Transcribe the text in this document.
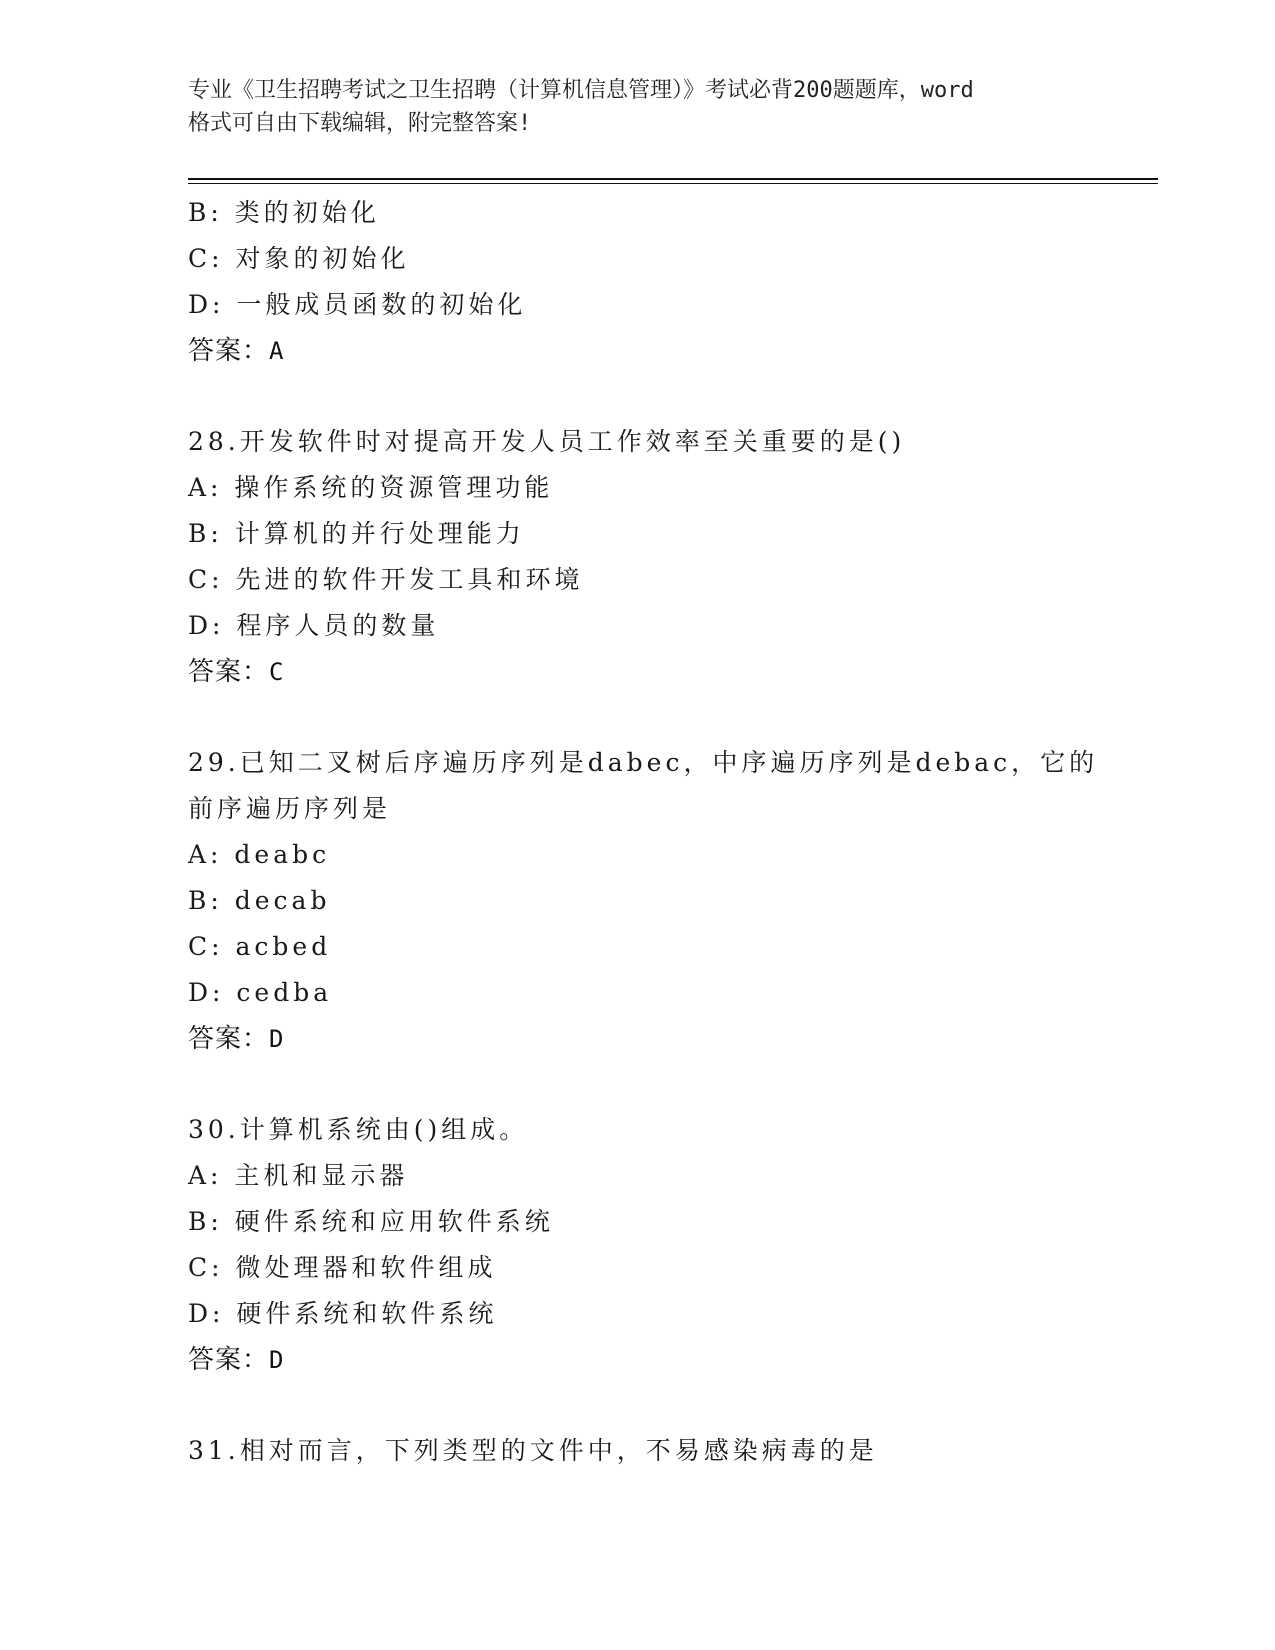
专业《卫生招聘考试之卫生招聘（计算机信息管理）》考试必背200题题库，word
格式可自由下载编辑，附完整答案!
B: 类的初始化
C: 对象的初始化
D: 一般成员函数的初始化
答案：A
28.开发软件时对提高开发人员工作效率至关重要的是()
A: 操作系统的资源管理功能
B: 计算机的并行处理能力
C: 先进的软件开发工具和环境
D: 程序人员的数量
答案：C
29.已知二叉树后序遍历序列是dabec，中序遍历序列是debac，它的
前序遍历序列是
A: deabc
B: decab
C: acbed
D: cedba
答案：D
30.计算机系统由()组成。
A: 主机和显示器
B: 硬件系统和应用软件系统
C: 微处理器和软件组成
D: 硬件系统和软件系统
答案：D
31.相对而言，下列类型的文件中，不易感染病毒的是
